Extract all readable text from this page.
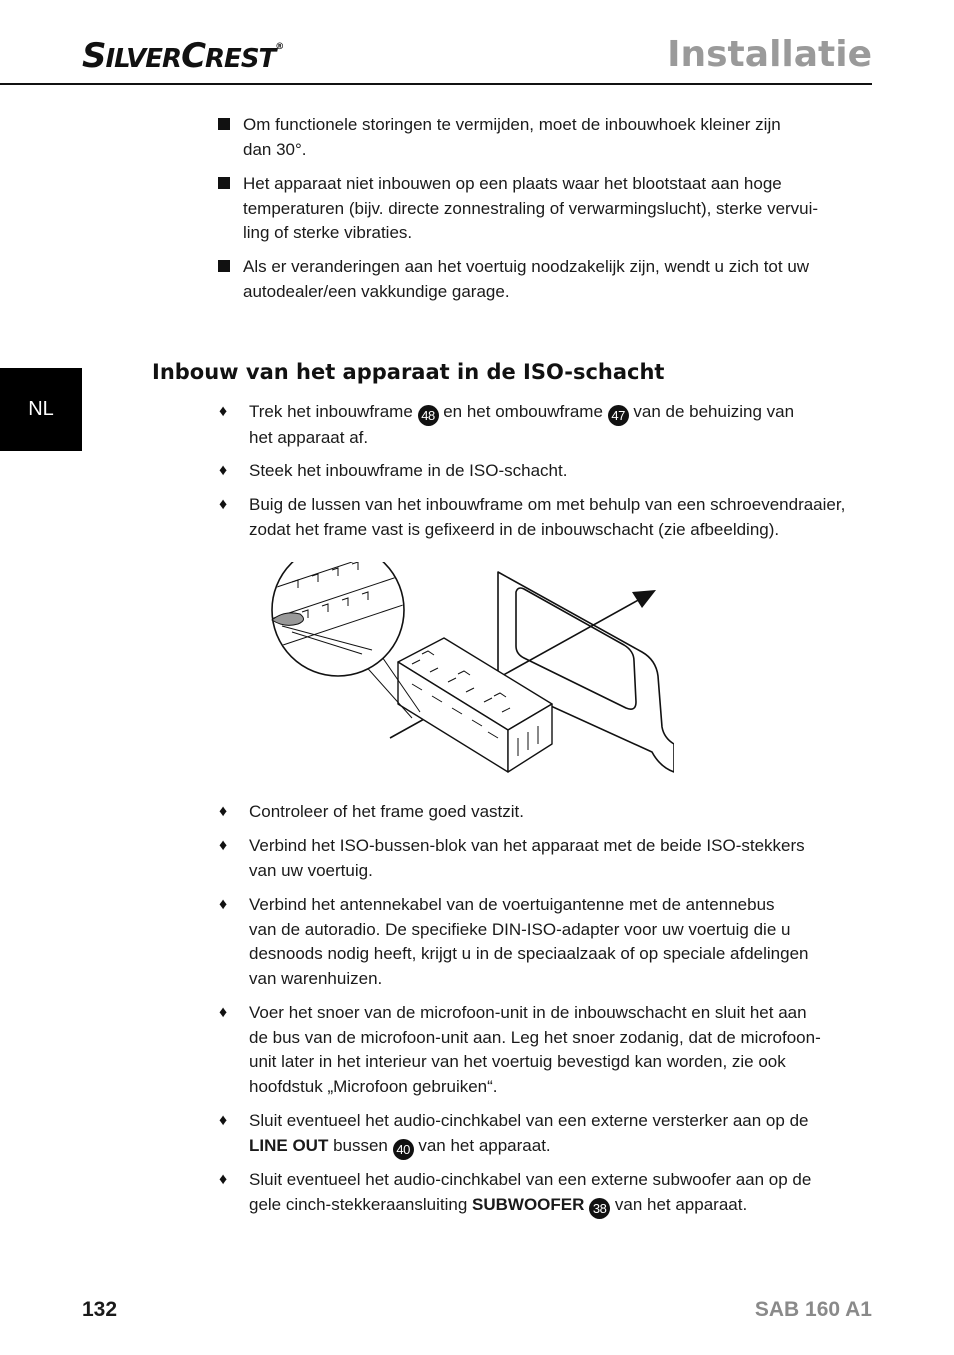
SILVERCREST®	Installatie
NL
Om functionele storingen te vermijden, moet de inbouwhoek kleiner zijn
dan 30°.
Het apparaat niet inbouwen op een plaats waar het blootstaat aan hoge
temperaturen (bijv. directe zonnestraling of verwarmingslucht), sterke vervui-
ling of sterke vibraties.
Als er veranderingen aan het voertuig noodzakelijk zijn, wendt u zich tot uw
autodealer/een vakkundige garage.
Inbouw van het apparaat in de ISO-schacht
♦ Trek het inbouwframe 48 en het ombouwframe 47 van de behuizing van
het apparaat af.
♦ Steek het inbouwframe in de ISO-schacht.
♦ Buig de lussen van het inbouwframe om met behulp van een schroevendraaier,
zodat het frame vast is gefixeerd in de inbouwschacht (zie afbeelding).
♦ Controleer of het frame goed vastzit.
♦ Verbind het ISO-bussen-blok van het apparaat met de beide ISO-stekkers
van uw voertuig.
♦ Verbind het antennekabel van de voertuigantenne met de antennebus
van de autoradio. De specifieke DIN-ISO-adapter voor uw voertuig die u
desnoods nodig heeft, krijgt u in de speciaalzaak of op speciale afdelingen
van warenhuizen.
♦ Voer het snoer van de microfoon-unit in de inbouwschacht en sluit het aan
de bus van de microfoon-unit aan. Leg het snoer zodanig, dat de microfoon-
unit later in het interieur van het voertuig bevestigd kan worden, zie ook
hoofdstuk „Microfoon gebruiken“.
♦ Sluit eventueel het audio-cinchkabel van een externe versterker aan op de
LINE OUT bussen 40 van het apparaat.
♦ Sluit eventueel het audio-cinchkabel van een externe subwoofer aan op de
gele cinch-stekkeraansluiting SUBWOOFER 38 van het apparaat.
132	SAB 160 A1
